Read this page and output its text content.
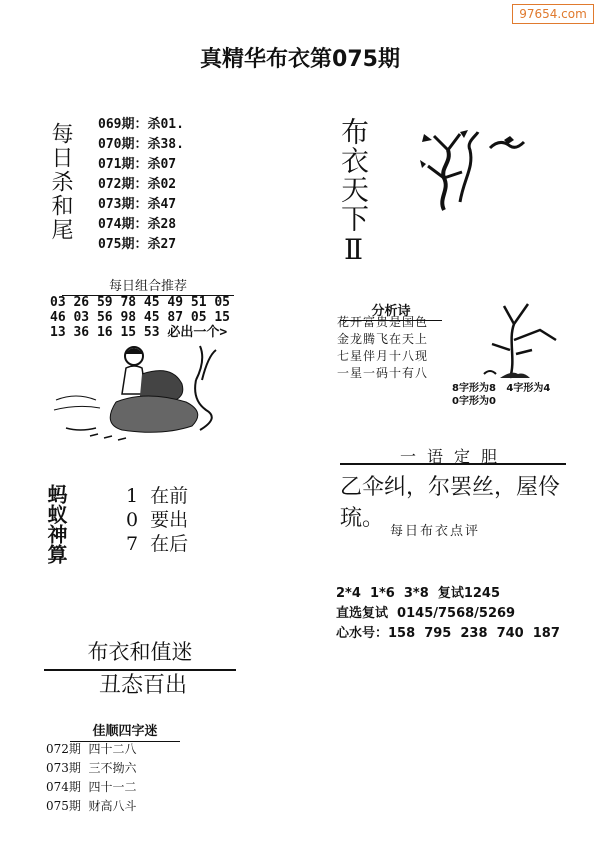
97654.com
真精华布衣第075期
每日杀和尾 069期：杀01.
070期：杀38.
071期：杀07
072期：杀02
073期：杀47
074期：杀28
075期：杀27	布衣天下Ⅱ
每日组合推荐
03 26 59 78 45 49 51 05
46 03 56 98 45 87 05 15
13 36 16 15 53 必出一个>
分析诗
花开富贵是国色
金龙腾飞在天上
七星伴月十八现
一星一码十有八
8字形为8   4字形为4
0字形为0
一语定胆
乙伞纠，尔罢丝，屋伶琉。
每日布衣点评
蚂蚁神算	1  在前
0  要出
7  在后
2*4  1*6  3*8  复试1245
直选复试  0145/7568/5269
心水号：158  795  238  740  187
布衣和值迷
丑态百出
佳顺四字迷
072期  四十二八
073期  三不拗六
074期  四十一二
075期  财高八斗
